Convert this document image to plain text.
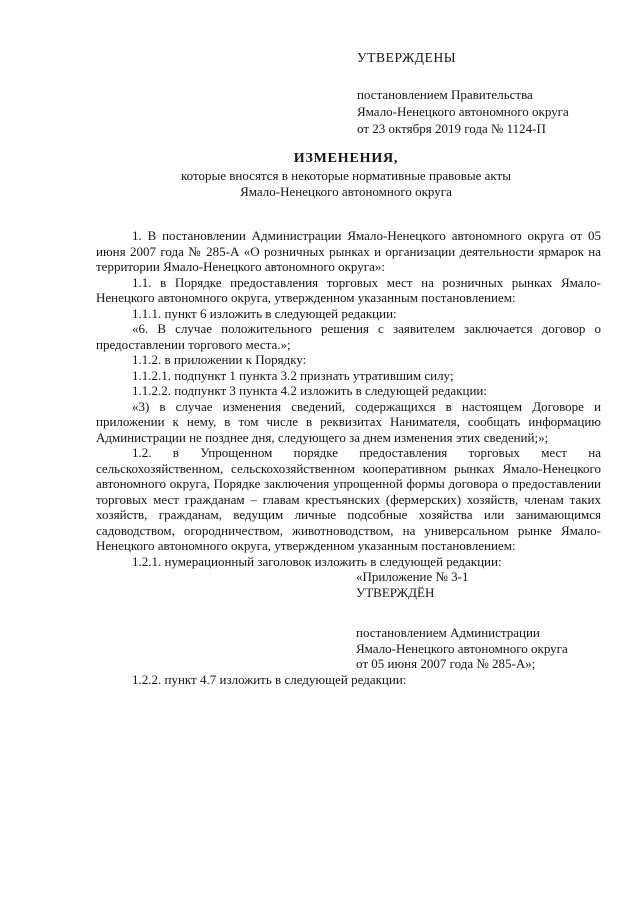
УТВЕРЖДЕНЫ
постановлением Правительства
Ямало-Ненецкого автономного округа
от 23 октября 2019 года № 1124-П
ИЗМЕНЕНИЯ,
которые вносятся в некоторые нормативные правовые акты
Ямало-Ненецкого автономного округа

1. В постановлении Администрации Ямало-Ненецкого автономного округа от 05 июня 2007 года № 285-А «О розничных рынках и организации деятельности ярмарок на территории Ямало-Ненецкого автономного округа»:

1.1. в Порядке предоставления торговых мест на розничных рынках Ямало-Ненецкого автономного округа, утвержденном указанным постановлением:

1.1.1. пункт 6 изложить в следующей редакции:

«6. В случае положительного решения с заявителем заключается договор о предоставлении торгового места.»;

1.1.2. в приложении к Порядку:

1.1.2.1. подпункт 1 пункта 3.2 признать утратившим силу;

1.1.2.2. подпункт 3 пункта 4.2 изложить в следующей редакции:

«3) в случае изменения сведений, содержащихся в настоящем Договоре и приложении к нему, в том числе в реквизитах Нанимателя, сообщать информацию Администрации не позднее дня, следующего за днем изменения этих сведений;»;

1.2. в Упрощенном порядке предоставления торговых мест на сельскохозяйственном, сельскохозяйственном кооперативном рынках Ямало-Ненецкого автономного округа, Порядке заключения упрощенной формы договора о предоставлении торговых мест гражданам – главам крестьянских (фермерских) хозяйств, членам таких хозяйств, гражданам, ведущим личные подсобные хозяйства или занимающимся садоводством, огородничеством, животноводством, на универсальном рынке Ямало-Ненецкого автономного округа, утвержденном указанным постановлением:

1.2.1. нумерационный заголовок изложить в следующей редакции:

«Приложение № 3-1
УТВЕРЖДЁН
постановлением Администрации
Ямало-Ненецкого автономного округа
от 05 июня 2007 года № 285-А»;

1.2.2. пункт 4.7 изложить в следующей редакции:
